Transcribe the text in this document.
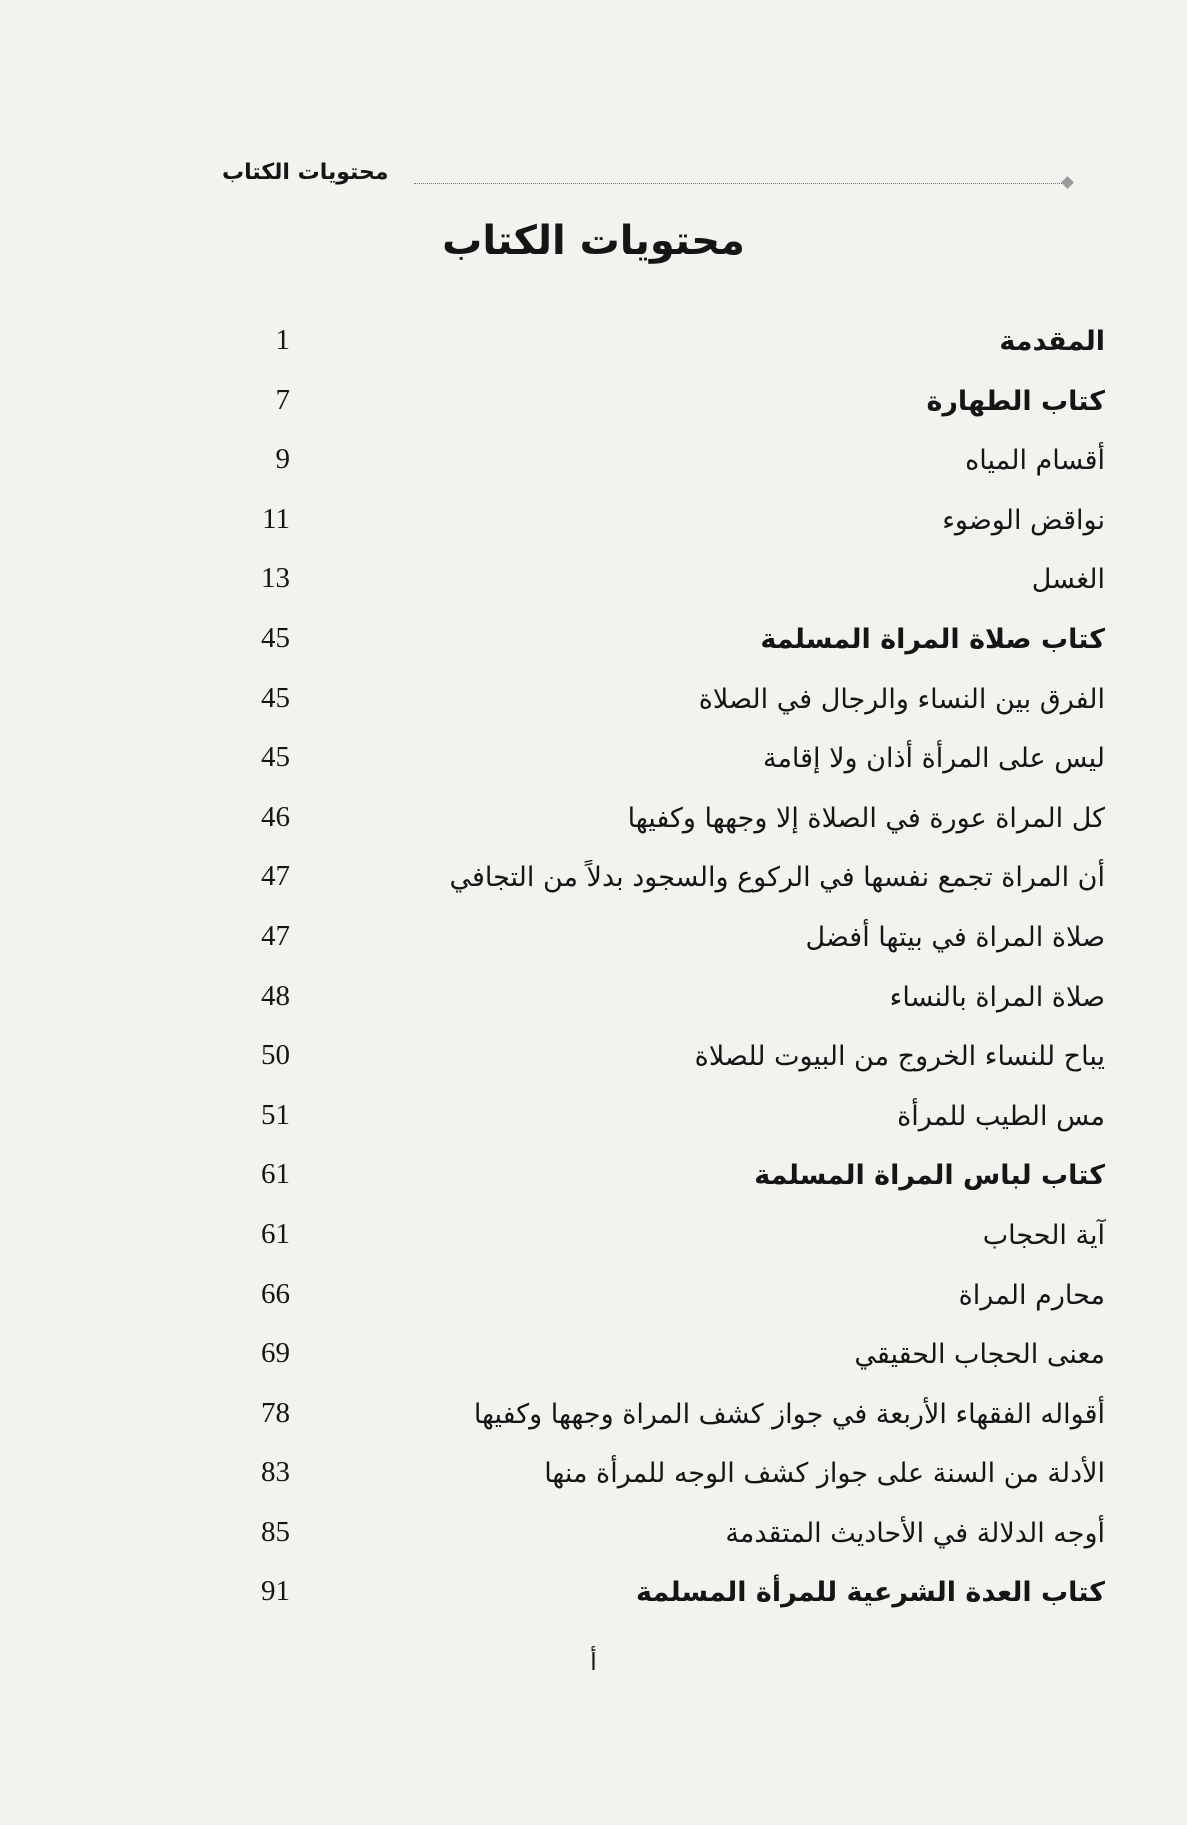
محتويات الكتاب
محتويات الكتاب
المقدمة
1
كتاب الطهارة
7
أقسام المياه
9
نواقض الوضوء
11
الغسل
13
كتاب صلاة المراة المسلمة
45
الفرق بين النساء والرجال في الصلاة
45
ليس على المرأة أذان ولا إقامة
45
كل المراة عورة في الصلاة إلا وجهها وكفيها
46
أن المراة تجمع نفسها في الركوع والسجود بدلاً من التجافي
47
صلاة المراة في بيتها أفضل
47
صلاة المراة بالنساء
48
يباح للنساء الخروج من البيوت للصلاة
50
مس الطيب للمرأة
51
كتاب لباس المراة المسلمة
61
آية الحجاب
61
محارم المراة
66
معنى الحجاب الحقيقي
69
أقواله الفقهاء الأربعة في جواز كشف المراة وجهها وكفيها
78
الأدلة من السنة على جواز كشف الوجه للمرأة منها
83
أوجه الدلالة في الأحاديث المتقدمة
85
كتاب العدة الشرعية للمرأة المسلمة
91
أ
